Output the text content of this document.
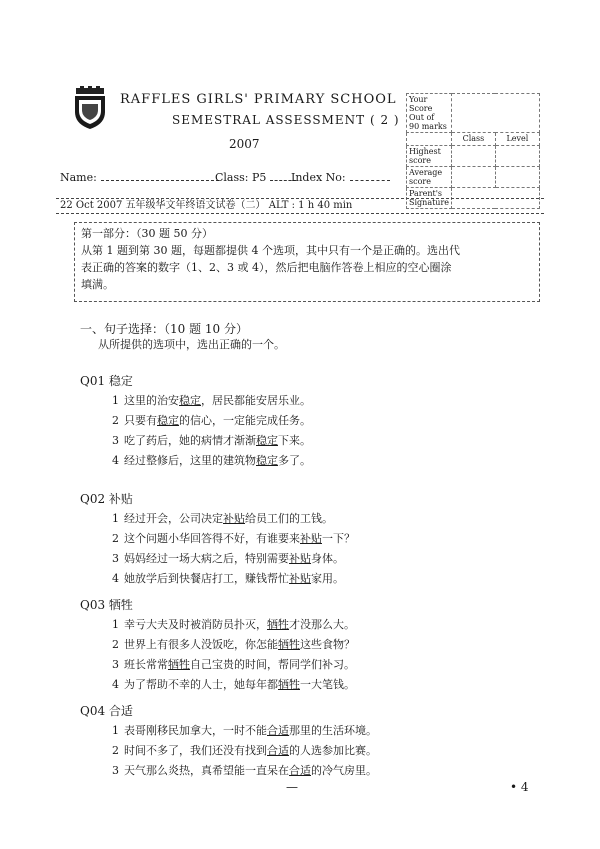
RAFFLES GIRLS' PRIMARY SCHOOL
SEMESTRAL ASSESSMENT ( 2 )
2007
Name:	Class: P5	Index No:
Your Score
Out of
90 marks		

	Class	Level

Highest
score		

Average
score		

Parent's
Signature		

22 Oct 2007 五年级华文年终语文试卷（二） ALT : 1 h 40 min
第一部分：（30 题 50 分）
从第 1 题到第 30 题，每题都提供 4 个选项，其中只有一个是正确的。选出代
表正确的答案的数字（1、2、3 或 4），然后把电脑作答卷上相应的空心圈涂
填满。
一、句子选择：（10 题 10 分）
从所提供的选项中，选出正确的一个。
Q01 稳定
1 这里的治安稳定，居民都能安居乐业。
2 只要有稳定的信心，一定能完成任务。
3 吃了药后，她的病情才渐渐稳定下来。
4 经过整修后，这里的建筑物稳定多了。
Q02 补贴
1 经过开会，公司决定补贴给员工们的工钱。
2 这个问题小华回答得不好，有谁要来补贴一下？
3 妈妈经过一场大病之后，特别需要补贴身体。
4 她放学后到快餐店打工，赚钱帮忙补贴家用。
Q03 牺牲
1 幸亏大夫及时被消防员扑灭，牺牲才没那么大。
2 世界上有很多人没饭吃，你怎能牺牲这些食物？
3 班长常常牺牲自己宝贵的时间，帮同学们补习。
4 为了帮助不幸的人士，她每年都牺牲一大笔钱。
Q04 合适
1 表哥刚移民加拿大，一时不能合适那里的生活环境。
2 时间不多了，我们还没有找到合适的人选参加比赛。
3 天气那么炎热，真希望能一直呆在合适的冷气房里。
—	• 4
